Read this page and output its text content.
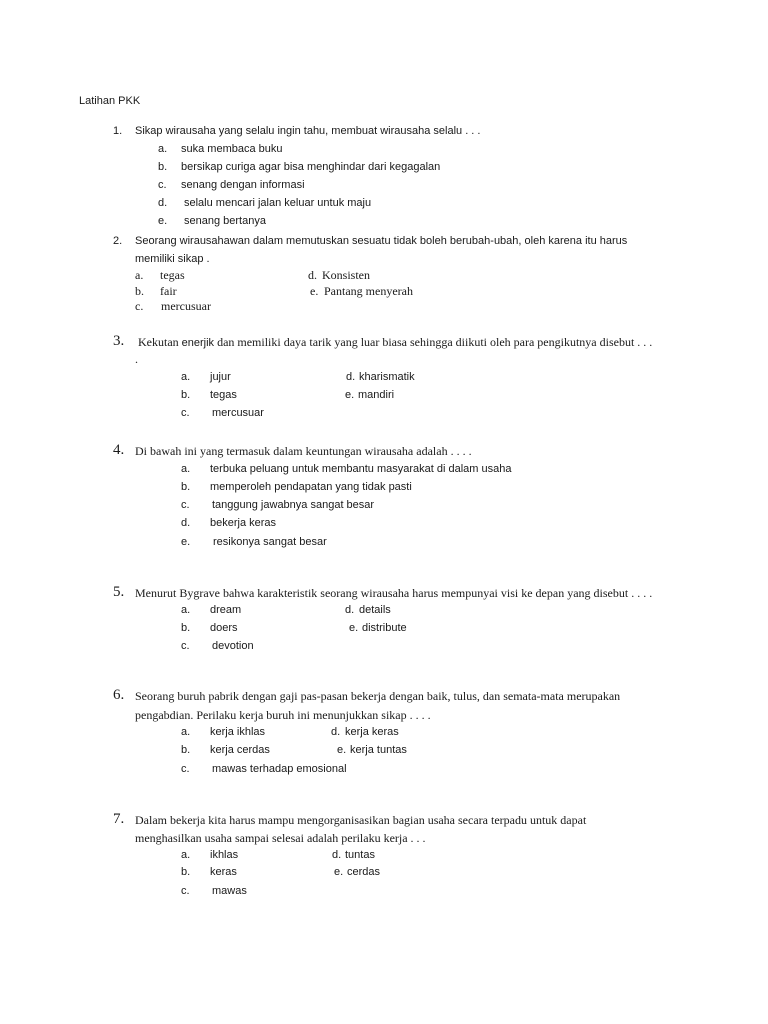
Latihan PKK
1. Sikap wirausaha yang selalu ingin tahu, membuat wirausaha selalu . . .
a. suka membaca buku
b. bersikap curiga agar bisa menghindar dari kegagalan
c. senang dengan informasi
d. selalu mencari jalan keluar untuk maju
e. senang bertanya
2. Seorang wirausahawan dalam memutuskan sesuatu tidak boleh berubah-ubah, oleh karena itu harus
memiliki sikap .
a. tegas	d. Konsisten
b. fair	e. Pantang menyerah
c. mercusuar
3. Kekutan enerjik dan memiliki daya tarik yang luar biasa sehingga diikuti oleh para pengikutnya disebut . . .
.
a. jujur	d. kharismatik
b. tegas	e. mandiri
c. mercusuar
4. Di bawah ini yang termasuk dalam keuntungan wirausaha adalah . . . .
a. terbuka peluang untuk membantu masyarakat di dalam usaha
b. memperoleh pendapatan yang tidak pasti
c. tanggung jawabnya sangat besar
d. bekerja keras
e. resikonya sangat besar
5. Menurut Bygrave bahwa karakteristik seorang wirausaha harus mempunyai visi ke depan yang disebut . . . .
a. dream	d. details
b. doers	e. distribute
c. devotion
6. Seorang buruh pabrik dengan gaji pas-pasan bekerja dengan baik, tulus, dan semata-mata merupakan
pengabdian. Perilaku kerja buruh ini menunjukkan sikap . . . .
a. kerja ikhlas	d. kerja keras
b. kerja cerdas	e. kerja tuntas
c. mawas terhadap emosional
7. Dalam bekerja kita harus mampu mengorganisasikan bagian usaha secara terpadu untuk dapat
menghasilkan usaha sampai selesai adalah perilaku kerja . . .
a. ikhlas	d. tuntas
b. keras	e. cerdas
c. mawas
